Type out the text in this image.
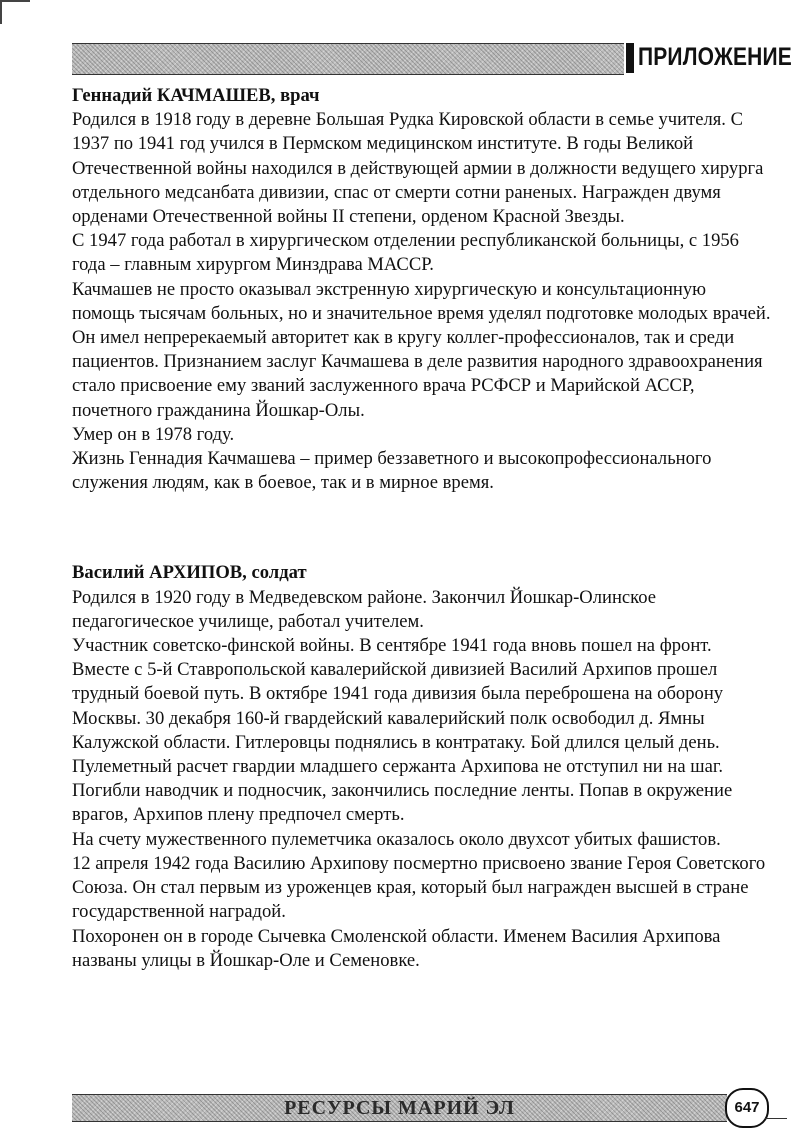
ПРИЛОЖЕНИЕ

Геннадий КАЧМАШЕВ, врач

Родился в 1918 году в деревне Большая Рудка Кировской области в семье учителя. С 1937 по 1941 год учился в Пермском медицинском институте. В годы Великой Отечественной войны находился в действующей армии в должности ведущего хирурга отдельного медсанбата дивизии, спас от смерти сотни раненых. Награжден двумя орденами Отечественной войны II степени, орденом Красной Звезды.

С 1947 года работал в хирургическом отделении республиканской больницы, с 1956 года – главным хирургом Минздрава МАССР.

Качмашев не просто оказывал экстренную хирургическую и консультационную помощь тысячам больных, но и значительное время уделял подготовке молодых врачей. Он имел непререкаемый авторитет как в кругу коллег-профессионалов, так и среди пациентов. Признанием заслуг Качмашева в деле развития народного здравоохранения стало присвоение ему званий заслуженного врача РСФСР и Марийской АССР, почетного гражданина Йошкар-Олы.

Умер он в 1978 году.

Жизнь Геннадия Качмашева – пример беззаветного и высокопрофессионального служения людям, как в боевое, так и в мирное время.

Василий АРХИПОВ, солдат

Родился в 1920 году в Медведевском районе. Закончил Йошкар-Олинское педагогическое училище, работал учителем.

Участник советско-финской войны. В сентябре 1941 года вновь пошел на фронт. Вместе с 5-й Ставропольской кавалерийской дивизией Василий Архипов прошел трудный боевой путь. В октябре 1941 года дивизия была переброшена на оборону Москвы. 30 декабря 160-й гвардейский кавалерийский полк освободил д. Ямны Калужской области. Гитлеровцы поднялись в контратаку. Бой длился целый день. Пулеметный расчет гвардии младшего сержанта Архипова не отступил ни на шаг. Погибли наводчик и подносчик, закончились последние ленты. Попав в окружение врагов, Архипов плену предпочел смерть.

На счету мужественного пулеметчика оказалось около двухсот убитых фашистов.

12 апреля 1942 года Василию Архипову посмертно присвоено звание Героя Советского Союза. Он стал первым из уроженцев края, который был награжден высшей в стране государственной наградой.

Похоронен он в городе Сычевка Смоленской области. Именем Василия Архипова названы улицы в Йошкар-Оле и Семеновке.

РЕСУРСЫ МАРИЙ ЭЛ	647
